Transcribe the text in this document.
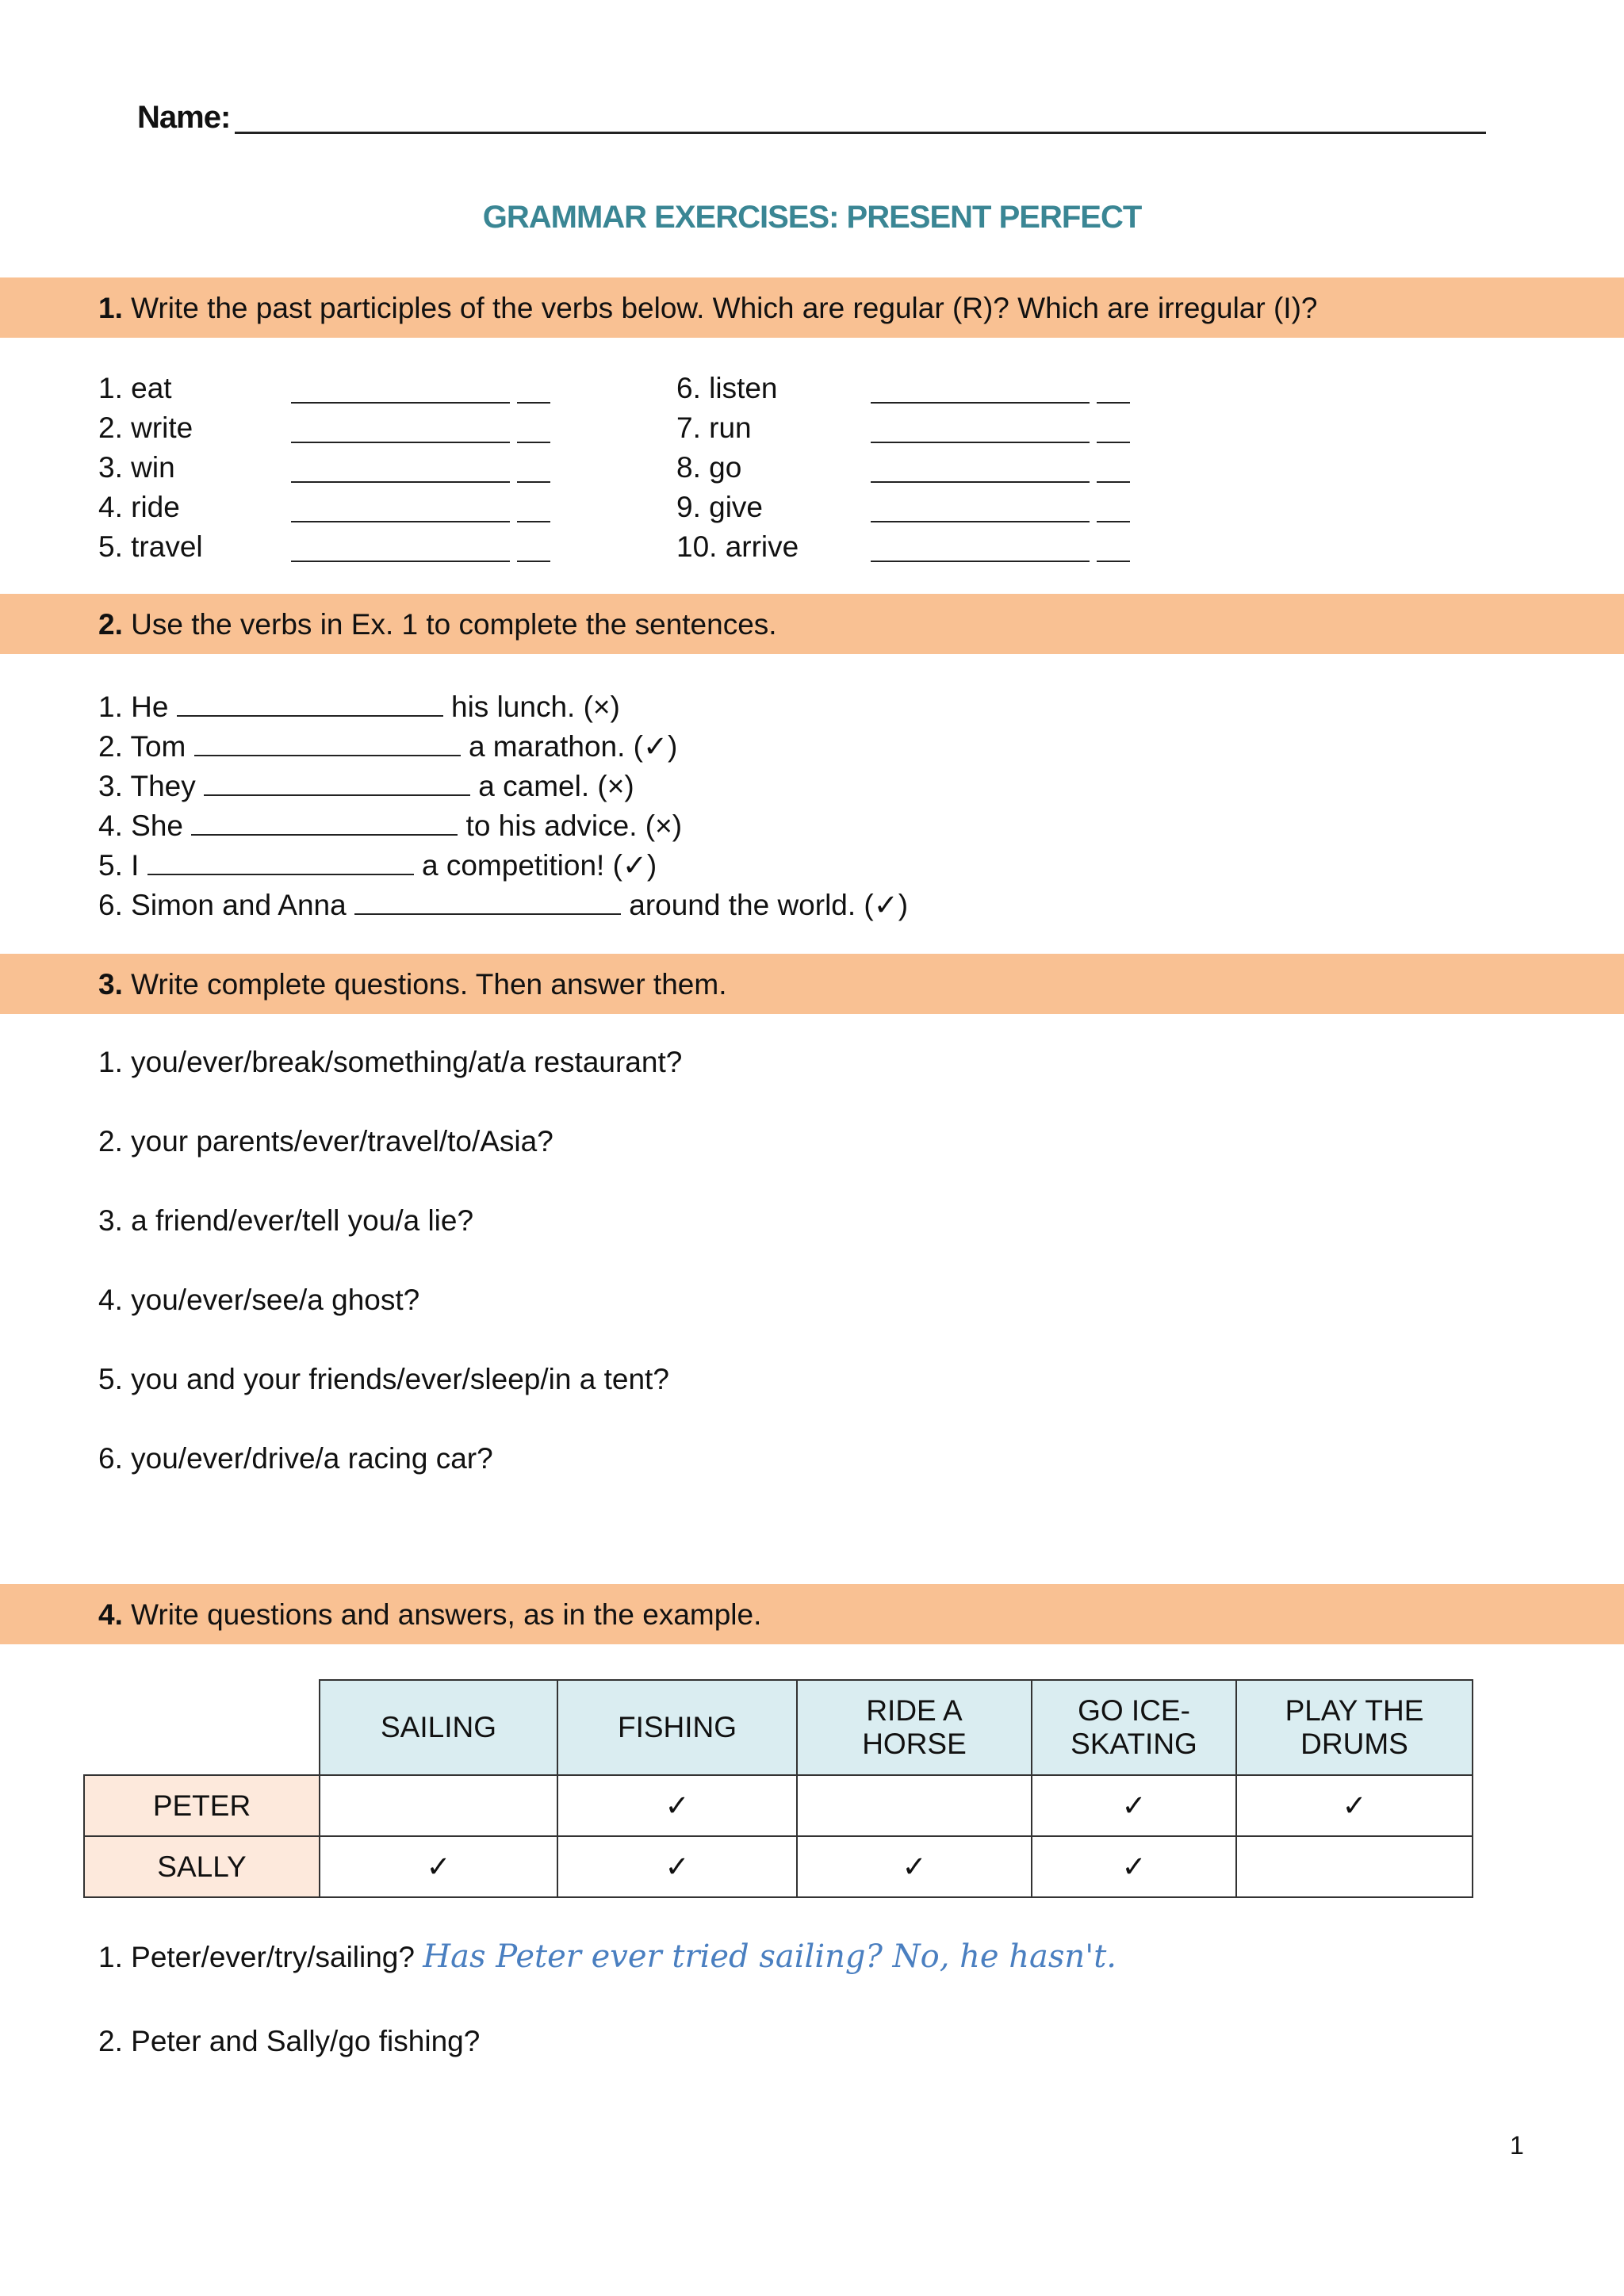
Name:
GRAMMAR EXERCISES: PRESENT PERFECT
1. Write the past participles of the verbs below. Which are regular (R)? Which are irregular (I)?
1. eat
2. write
3. win
4. ride
5. travel
6. listen
7. run
8. go
9. give
10. arrive
2. Use the verbs in Ex. 1 to complete the sentences.
1. He	his lunch. (×)
2. Tom	a marathon. (✓)
3. They	a camel. (×)
4. She	to his advice. (×)
5. I	a competition! (✓)
6. Simon and Anna	around the world. (✓)
3. Write complete questions. Then answer them.
1. you/ever/break/something/at/a restaurant?
2. your parents/ever/travel/to/Asia?
3. a friend/ever/tell you/a lie?
4. you/ever/see/a ghost?
5. you and your friends/ever/sleep/in a tent?
6. you/ever/drive/a racing car?
4. Write questions and answers, as in the example.
	SAILING	FISHING	RIDE A HORSE	GO ICE-SKATING	PLAY THE DRUMS

PETER		✓		✓	✓
SALLY	✓	✓	✓	✓	
1. Peter/ever/try/sailing? Has Peter ever tried sailing? No, he hasn't.
2. Peter and Sally/go fishing?
1
